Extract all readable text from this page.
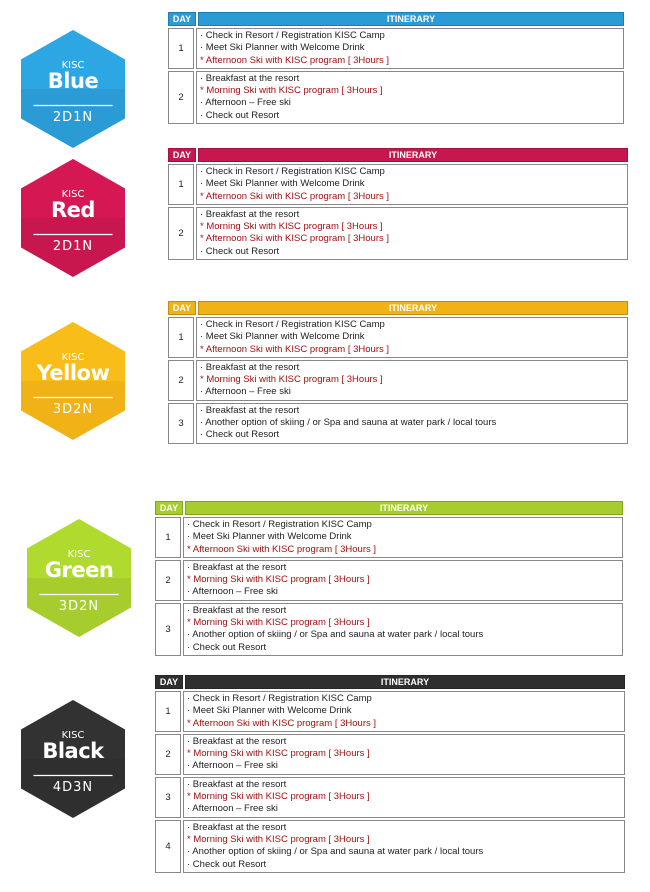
KISC
Blue
2D1N
DAY	ITINERARY
1
· Check in Resort / Registration KISC Camp
· Meet Ski Planner with Welcome Drink
* Afternoon Ski with KISC program [ 3Hours ]
2
· Breakfast at the resort
* Morning Ski with KISC program [ 3Hours ]
· Afternoon – Free ski
· Check out Resort
KISC
Red
2D1N
DAY	ITINERARY
1
· Check in Resort / Registration KISC Camp
· Meet Ski Planner with Welcome Drink
* Afternoon Ski with KISC program [ 3Hours ]
2
· Breakfast at the resort
* Morning Ski with KISC program [ 3Hours ]
* Afternoon Ski with KISC program [ 3Hours ]
· Check out Resort
KISC
Yellow
3D2N
DAY	ITINERARY
1
· Check in Resort / Registration KISC Camp
· Meet Ski Planner with Welcome Drink
* Afternoon Ski with KISC program [ 3Hours ]
2
· Breakfast at the resort
* Morning Ski with KISC program [ 3Hours ]
· Afternoon – Free ski
3
· Breakfast at the resort
· Another option of skiing / or Spa and sauna at water park / local tours
· Check out Resort
KISC
Green
3D2N
DAY	ITINERARY
1
· Check in Resort / Registration KISC Camp
· Meet Ski Planner with Welcome Drink
* Afternoon Ski with KISC program [ 3Hours ]
2
· Breakfast at the resort
* Morning Ski with KISC program [ 3Hours ]
· Afternoon – Free ski
3
· Breakfast at the resort
* Morning Ski with KISC program [ 3Hours ]
· Another option of skiing / or Spa and sauna at water park / local tours
· Check out Resort
KISC
Black
4D3N
DAY	ITINERARY
1
· Check in Resort / Registration KISC Camp
· Meet Ski Planner with Welcome Drink
* Afternoon Ski with KISC program [ 3Hours ]
2
· Breakfast at the resort
* Morning Ski with KISC program [ 3Hours ]
· Afternoon – Free ski
3
· Breakfast at the resort
* Morning Ski with KISC program [ 3Hours ]
· Afternoon – Free ski
4
· Breakfast at the resort
* Morning Ski with KISC program [ 3Hours ]
· Another option of skiing / or Spa and sauna at water park / local tours
· Check out Resort
